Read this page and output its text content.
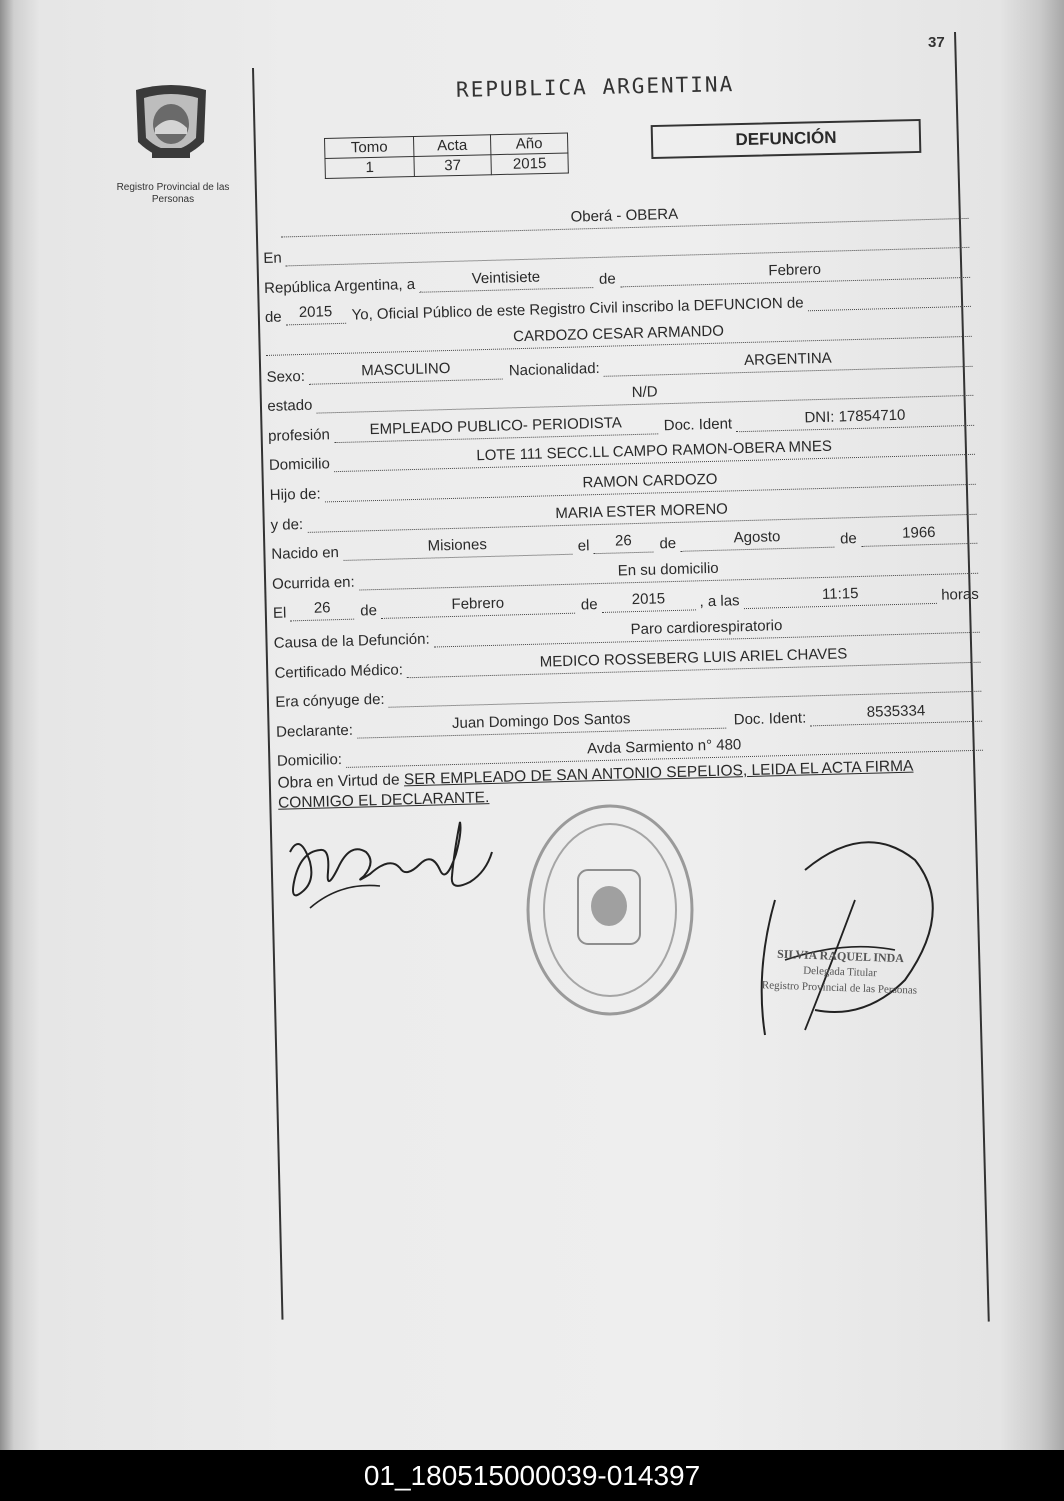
37
Registro Provincial de las Personas
REPUBLICA ARGENTINA
Tomo	Acta	Año
1	37	2015
DEFUNCIÓN
Oberá - OBERA
En
República Argentina, a	Veintisiete	de	Febrero
de	2015	Yo, Oficial Público de este Registro Civil inscribo la DEFUNCION de
CARDOZO CESAR ARMANDO
Sexo:	MASCULINO	Nacionalidad:
ARGENTINA
estado
N/D
profesión	EMPLEADO PUBLICO- PERIODISTA	Doc. Ident	DNI: 17854710
Domicilio
LOTE 111 SECC.LL CAMPO RAMON-OBERA MNES
Hijo de:
RAMON CARDOZO
y de:
MARIA ESTER MORENO
Nacido en	Misiones	el	26	de	Agosto	de	1966
Ocurrida en:
En su domicilio
El	26	de	Febrero	de	2015	, a las	11:15	horas
Causa de la Defunción:
Paro cardiorespiratorio
Certificado Médico:
MEDICO ROSSEBERG LUIS ARIEL CHAVES
Era cónyuge de:
Declarante:	Juan Domingo Dos Santos	Doc. Ident:	8535334
Domicilio:
Avda Sarmiento n° 480
Obra en Virtud de SER EMPLEADO DE SAN ANTONIO SEPELIOS, LEIDA EL ACTA FIRMA CONMIGO EL DECLARANTE.
SILVIA RAQUEL INDA
Delegada Titular
Registro Provincial de las Personas
01_180515000039-014397
